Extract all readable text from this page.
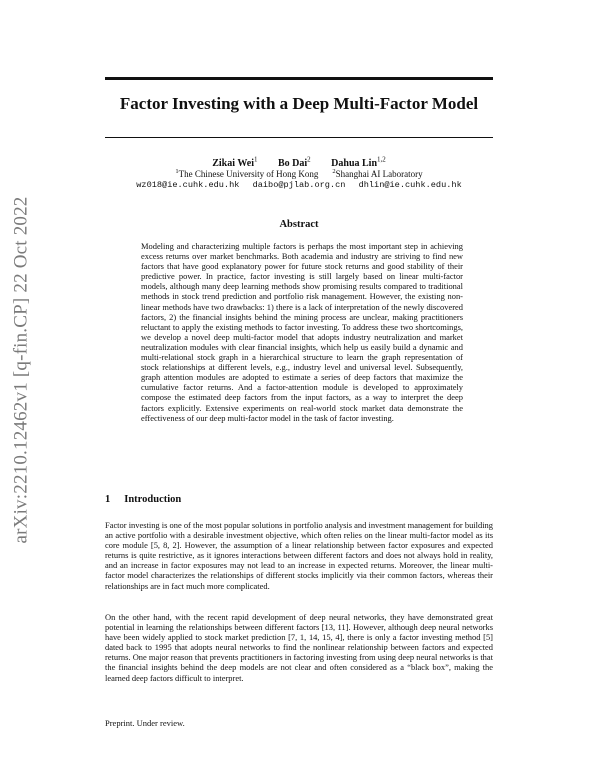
arXiv:2210.12462v1 [q-fin.CP] 22 Oct 2022
Factor Investing with a Deep Multi-Factor Model
Zikai Wei$^1$ Bo Dai$^2$ Dahua Lin$^{1,2}$
$^1$The Chinese University of Hong Kong $^2$Shanghai AI Laboratory
wz018@ie.cuhk.edu.hk daibo@pjlab.org.cn dhlin@ie.cuhk.edu.hk
Abstract

Modeling and characterizing multiple factors is perhaps the most important step in achieving excess returns over market benchmarks. Both academia and industry are striving to find new factors that have good explanatory power for future stock returns and good stability of their predictive power. In practice, factor investing is still largely based on linear multi-factor models, although many deep learning methods show promising results compared to traditional methods in stock trend prediction and portfolio risk management. However, the existing non-linear methods have two drawbacks: 1) there is a lack of interpretation of the newly discovered factors, 2) the financial insights behind the mining process are unclear, making practitioners reluctant to apply the existing methods to factor investing. To address these two shortcomings, we develop a novel deep multi-factor model that adopts industry neutralization and market neutralization modules with clear financial insights, which help us easily build a dynamic and multi-relational stock graph in a hierarchical structure to learn the graph representation of stock relationships at different levels, e.g., industry level and universal level. Subsequently, graph attention modules are adopted to estimate a series of deep factors that maximize the cumulative factor returns. And a factor-attention module is developed to approximately compose the estimated deep factors from the input factors, as a way to interpret the deep factors explicitly. Extensive experiments on real-world stock market data demonstrate the effectiveness of our deep multi-factor model in the task of factor investing.

1 Introduction

Factor investing is one of the most popular solutions in portfolio analysis and investment management for building an active portfolio with a desirable investment objective, which often relies on the linear multi-factor model as its core module [5, 8, 2]. However, the assumption of a linear relationship between factor exposures and expected returns is quite restrictive, as it ignores interactions between different factors and does not always hold in reality, and an increase in factor exposures may not lead to an increase in expected returns. Moreover, the linear multi-factor model characterizes the relationships of different stocks implicitly via their common factors, whereas their relationships are in fact much more complicated.

On the other hand, with the recent rapid development of deep neural networks, they have demonstrated great potential in learning the relationships between different factors [13, 11]. However, although deep neural networks have been widely applied to stock market prediction [7, 1, 14, 15, 4], there is only a factor investing method [5] dated back to 1995 that adopts neural networks to find the nonlinear relationship between factors and expected returns. One major reason that prevents practitioners in factoring investing from using deep neural networks is that the financial insights behind the deep models are not clear and often considered as a “black box”, making the learned deep factors difficult to interpret.

Preprint. Under review.
